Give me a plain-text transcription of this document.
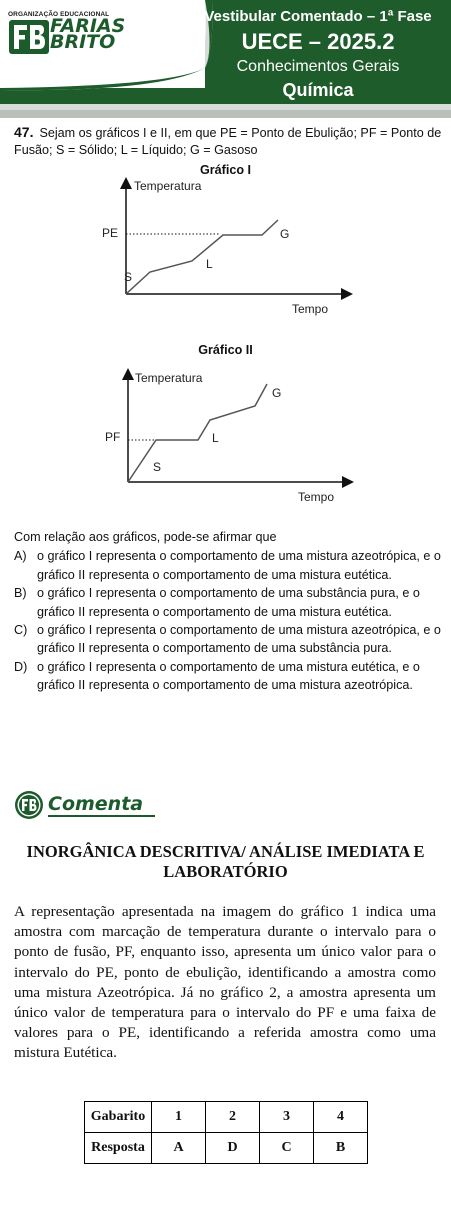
ORGANIZAÇÃO EDUCACIONAL
FARIAS
BRITO
Vestibular Comentado – 1ª Fase
UECE – 2025.2
Conhecimentos Gerais
Química
47. Sejam os gráficos I e II, em que PE = Ponto de Ebulição; PF = Ponto de Fusão; S = Sólido; L = Líquido; G = Gasoso
Gráfico I
Temperatura
Tempo
PE
S
L
G
Gráfico II
Temperatura
Tempo
PF
S
L
G
Com relação aos gráficos, pode-se afirmar que
A) o gráfico I representa o comportamento de uma mistura azeotrópica, e o gráfico II representa o comportamento de uma mistura eutética.
B) o gráfico I representa o comportamento de uma substância pura, e o gráfico II representa o comportamento de uma mistura eutética.
C) o gráfico I representa o comportamento de uma mistura azeotrópica, e o gráfico II representa o comportamento de uma substância pura.
D) o gráfico I representa o comportamento de uma mistura eutética, e o gráfico II representa o comportamento de uma mistura azeotrópica.
Comenta
INORGÂNICA DESCRITIVA/ ANÁLISE IMEDIATA E LABORATÓRIO
A representação apresentada na imagem do gráfico 1 indica uma amostra com marcação de temperatura durante o intervalo para o ponto de fusão, PF, enquanto isso, apresenta um único valor para o intervalo do PE, ponto de ebulição, identificando a amostra como uma mistura Azeotrópica. Já no gráfico 2, a amostra apresenta um único valor de temperatura para o intervalo do PF e uma faixa de valores para o PE, identificando a referida amostra como uma mistura Eutética.
Gabarito	1	2	3	4
Resposta	A	D	C	B
